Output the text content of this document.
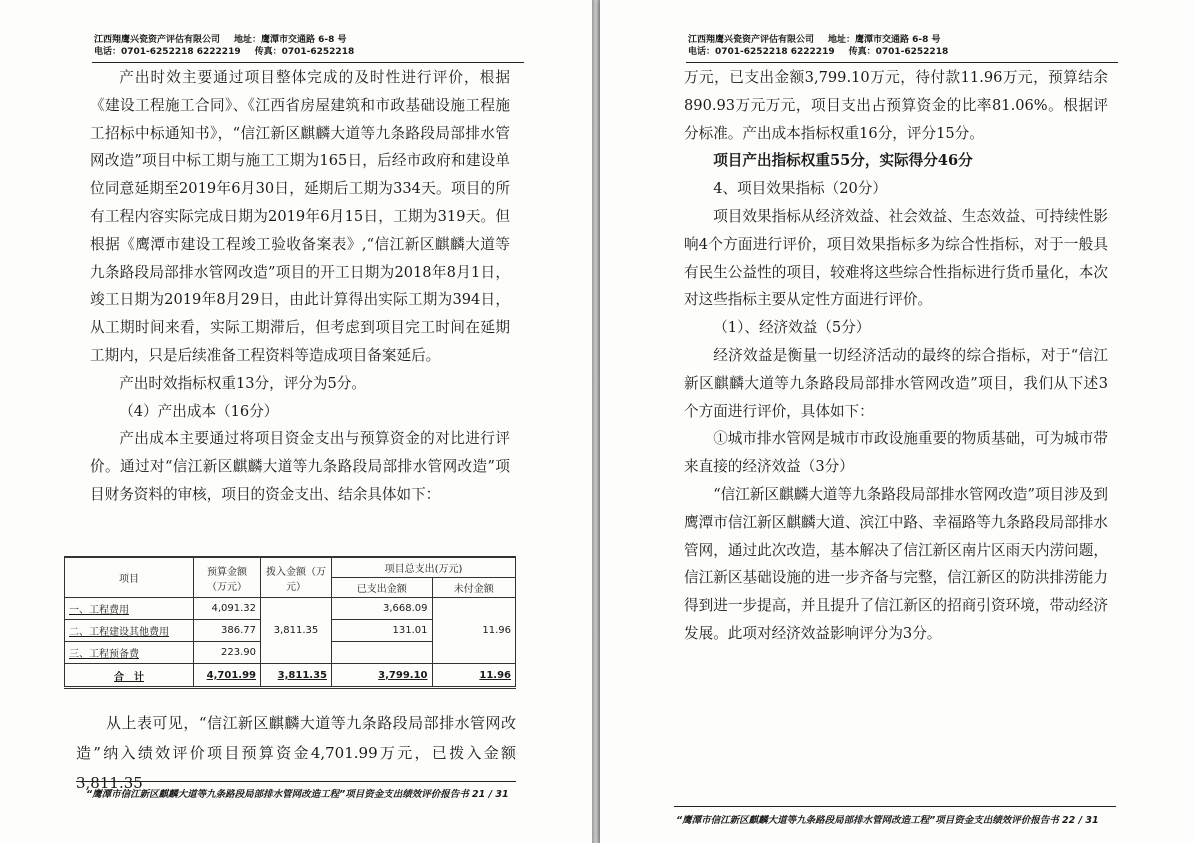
江西翔鹰兴瓷资产评估有限公司 地址：鹰潭市交通路 6-8 号
电话：0701-6252218 6222219 传真：0701-6252218

产出时效主要通过项目整体完成的及时性进行评价，根据《建设工程施工合同》、《江西省房屋建筑和市政基础设施工程施工招标中标通知书》，“信江新区麒麟大道等九条路段局部排水管网改造”项目中标工期与施工工期为165日，后经市政府和建设单位同意延期至2019年6月30日，延期后工期为334天。项目的所有工程内容实际完成日期为2019年6月15日，工期为319天。但根据《鹰潭市建设工程竣工验收备案表》,“信江新区麒麟大道等九条路段局部排水管网改造”项目的开工日期为2018年8月1日，竣工日期为2019年8月29日，由此计算得出实际工期为394日，从工期时间来看，实际工期滞后，但考虑到项目完工时间在延期工期内，只是后续准备工程资料等造成项目备案延后。

产出时效指标权重13分，评分为5分。

（4）产出成本（16分）

产出成本主要通过将项目资金支出与预算资金的对比进行评价。通过对“信江新区麒麟大道等九条路段局部排水管网改造”项目财务资料的审核，项目的资金支出、结余具体如下：

项目	预算金额（万元）	拨入金额（万元）	项目总支出(万元)	
			已支出金额	未付金额
一、工程费用	4,091.32	3,811.35	3,668.09	11.96
二、工程建设其他费用	386.77		131.01	
三、工程预备费	223.90			
合　计	4,701.99	3,811.35	3,799.10	11.96

从上表可见，“信江新区麒麟大道等九条路段局部排水管网改造”纳入绩效评价项目预算资金4,701.99万元，已拨入金额3,811.35

“鹰潭市信江新区麒麟大道等九条路段局部排水管网改造工程”项目资金支出绩效评价报告书 21 / 31
江西翔鹰兴瓷资产评估有限公司 地址：鹰潭市交通路 6-8 号
电话：0701-6252218 6222219 传真：0701-6252218

万元，已支出金额3,799.10万元，待付款11.96万元，预算结余890.93万元万元，项目支出占预算资金的比率81.06%。根据评分标准。产出成本指标权重16分，评分15分。

项目产出指标权重55分，实际得分46分

4、项目效果指标（20分）

项目效果指标从经济效益、社会效益、生态效益、可持续性影响4个方面进行评价，项目效果指标多为综合性指标，对于一般具有民生公益性的项目，较难将这些综合性指标进行货币量化，本次对这些指标主要从定性方面进行评价。

（1）、经济效益（5分）

经济效益是衡量一切经济活动的最终的综合指标，对于“信江新区麒麟大道等九条路段局部排水管网改造”项目，我们从下述3个方面进行评价，具体如下：

①城市排水管网是城市市政设施重要的物质基础，可为城市带来直接的经济效益（3分）

“信江新区麒麟大道等九条路段局部排水管网改造”项目涉及到鹰潭市信江新区麒麟大道、滨江中路、幸福路等九条路段局部排水管网，通过此次改造，基本解决了信江新区南片区雨天内涝问题，信江新区基础设施的进一步齐备与完整，信江新区的防洪排涝能力得到进一步提高，并且提升了信江新区的招商引资环境，带动经济发展。此项对经济效益影响评分为3分。

“鹰潭市信江新区麒麟大道等九条路段局部排水管网改造工程”项目资金支出绩效评价报告书 22 / 31
